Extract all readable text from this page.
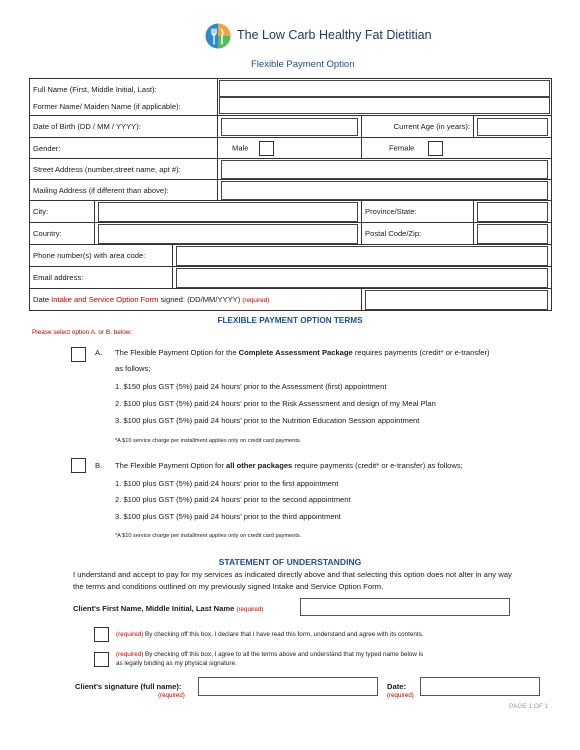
The Low Carb Healthy Fat Dietitian
Flexible Payment Option
Full Name (First, Middle Initial, Last):
Former Name/ Maiden Name (if applicable):					

Date of Birth (DD / MM / YYYY):				Current Age (in years):	

Gender:			Male	Female	
Street Address (number,street name, apt #):					

Mailing Address (if different than above):					

City:				Province/State:	

Country:				Postal Code/Zip:	

Phone number(s) with area code:					

Email address:					

Date Intake and Service Option Form signed: (DD/MM/YYYY) (required)					
FLEXIBLE PAYMENT OPTION TERMS
Please select option A. or B. below:
A. The Flexible Payment Option for the Complete Assessment Package requires payments (credit* or e-transfer)
as follows;
1. $150 plus GST (5%) paid 24 hours' prior to the Assessment (first) appointment
2. $100 plus GST (5%) paid 24 hours' prior to the Risk Assessment and design of my Meal Plan
3. $100 plus GST (5%) paid 24 hours' prior to the Nutrition Education Session appointment
*A $10 service charge per installment applies only on credit card payments.
B. The Flexible Payment Option for all other packages require payments (credit* or e-transfer) as follows;
1. $100 plus GST (5%) paid 24 hours' prior to the first appointment
2. $100 plus GST (5%) paid 24 hours' prior to the second appointment
3. $100 plus GST (5%) paid 24 hours' prior to the third appointment
*A $10 service charge per installment applies only on credit card payments.
STATEMENT OF UNDERSTANDING
I understand and accept to pay for my services as indicated directly above and that selecting this option does not alter in any way the terms and conditions outlined on my previously signed Intake and Service Option Form.
Client's First Name, Middle Initial, Last Name (required)
(required) By checking off this box, I declare that I have read this form, understand and agree with its contents.
(required) By checking off this box, I agree to all the terms above and understand that my typed name below is
as legally binding as my physical signature.
Client's signature (full name):
(required)
Date:
(required)
PAGE 1 OF 1
